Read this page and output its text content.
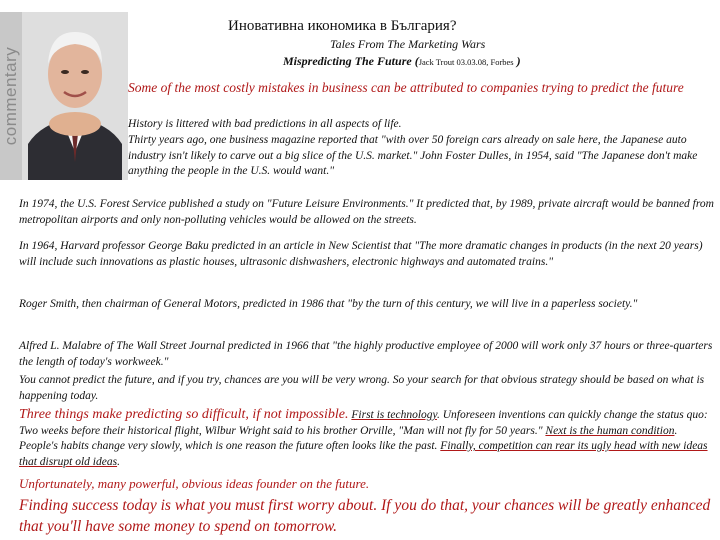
commentary
Иновативна икономика в България?
Tales From The Marketing Wars
Mispredicting The Future (Jack Trout 03.03.08, Forbes )
Some of the most costly mistakes in business can be attributed to companies trying to predict the future
History is littered with bad predictions in all aspects of life.
Thirty years ago, one business magazine reported that "with over 50 foreign cars already on sale here, the Japanese auto industry isn't likely to carve out a big slice of the U.S. market." John Foster Dulles, in 1954, said "The Japanese don't make anything the people in the U.S. would want."
In 1974, the U.S. Forest Service published a study on "Future Leisure Environments." It predicted that, by 1989, private aircraft would be banned from metropolitan airports and only non-polluting vehicles would be allowed on the streets.
In 1964, Harvard professor George Baku predicted in an article in New Scientist that "The more dramatic changes in products (in the next 20 years) will include such innovations as plastic houses, ultrasonic dishwashers, electronic highways and automated trains."
Roger Smith, then chairman of General Motors, predicted in 1986 that "by the turn of this century, we will live in a paperless society."
Alfred L. Malabre of The Wall Street Journal predicted in 1966 that "the highly productive employee of 2000 will work only 37 hours or three-quarters the length of today's workweek."
You cannot predict the future, and if you try, chances are you will be very wrong. So your search for that obvious strategy should be based on what is happening today.
Three things make predicting so difficult, if not impossible. First is technology. Unforeseen inventions can quickly change the status quo: Two weeks before their historical flight, Wilbur Wright said to his brother Orville, "Man will not fly for 50 years." Next is the human condition. People's habits change very slowly, which is one reason the future often looks like the past. Finally, competition can rear its ugly head with new ideas that disrupt old ideas.
Unfortunately, many powerful, obvious ideas founder on the future.
Finding success today is what you must first worry about. If you do that, your chances will be greatly enhanced that you'll have some money to spend on tomorrow.
